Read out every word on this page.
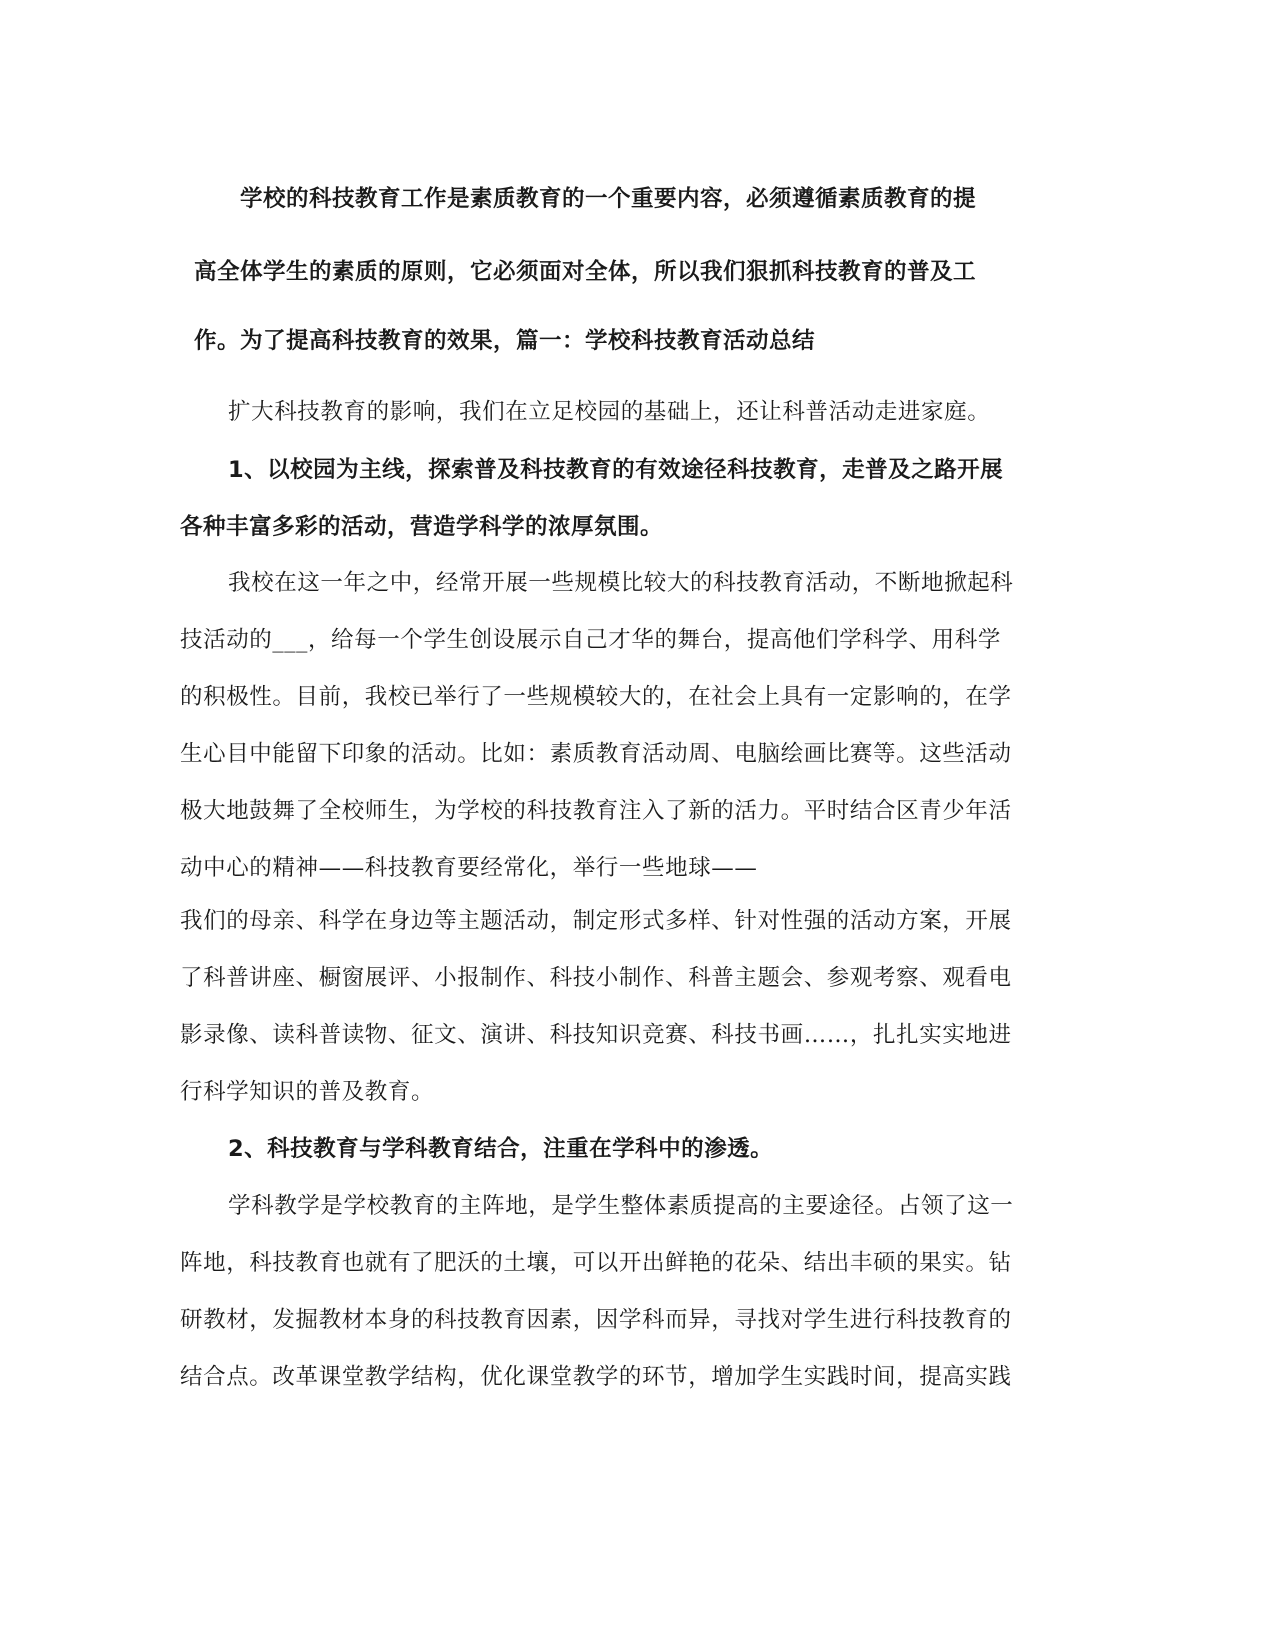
学校的科技教育工作是素质教育的一个重要内容，必须遵循素质教育的提
高全体学生的素质的原则，它必须面对全体，所以我们狠抓科技教育的普及工
作。为了提高科技教育的效果，篇一：学校科技教育活动总结
扩大科技教育的影响，我们在立足校园的基础上，还让科普活动走进家庭。
1、以校园为主线，探索普及科技教育的有效途径科技教育，走普及之路开展
各种丰富多彩的活动，营造学科学的浓厚氛围。
我校在这一年之中，经常开展一些规模比较大的科技教育活动，不断地掀起科
技活动的___，给每一个学生创设展示自己才华的舞台，提高他们学科学、用科学
的积极性。目前，我校已举行了一些规模较大的，在社会上具有一定影响的，在学
生心目中能留下印象的活动。比如：素质教育活动周、电脑绘画比赛等。这些活动
极大地鼓舞了全校师生，为学校的科技教育注入了新的活力。平时结合区青少年活
动中心的精神——科技教育要经常化，举行一些地球——
我们的母亲、科学在身边等主题活动，制定形式多样、针对性强的活动方案，开展
了科普讲座、橱窗展评、小报制作、科技小制作、科普主题会、参观考察、观看电
影录像、读科普读物、征文、演讲、科技知识竞赛、科技书画……，扎扎实实地进
行科学知识的普及教育。
2、科技教育与学科教育结合，注重在学科中的渗透。
学科教学是学校教育的主阵地，是学生整体素质提高的主要途径。占领了这一
阵地，科技教育也就有了肥沃的土壤，可以开出鲜艳的花朵、结出丰硕的果实。钻
研教材，发掘教材本身的科技教育因素，因学科而异，寻找对学生进行科技教育的
结合点。改革课堂教学结构，优化课堂教学的环节，增加学生实践时间，提高实践
